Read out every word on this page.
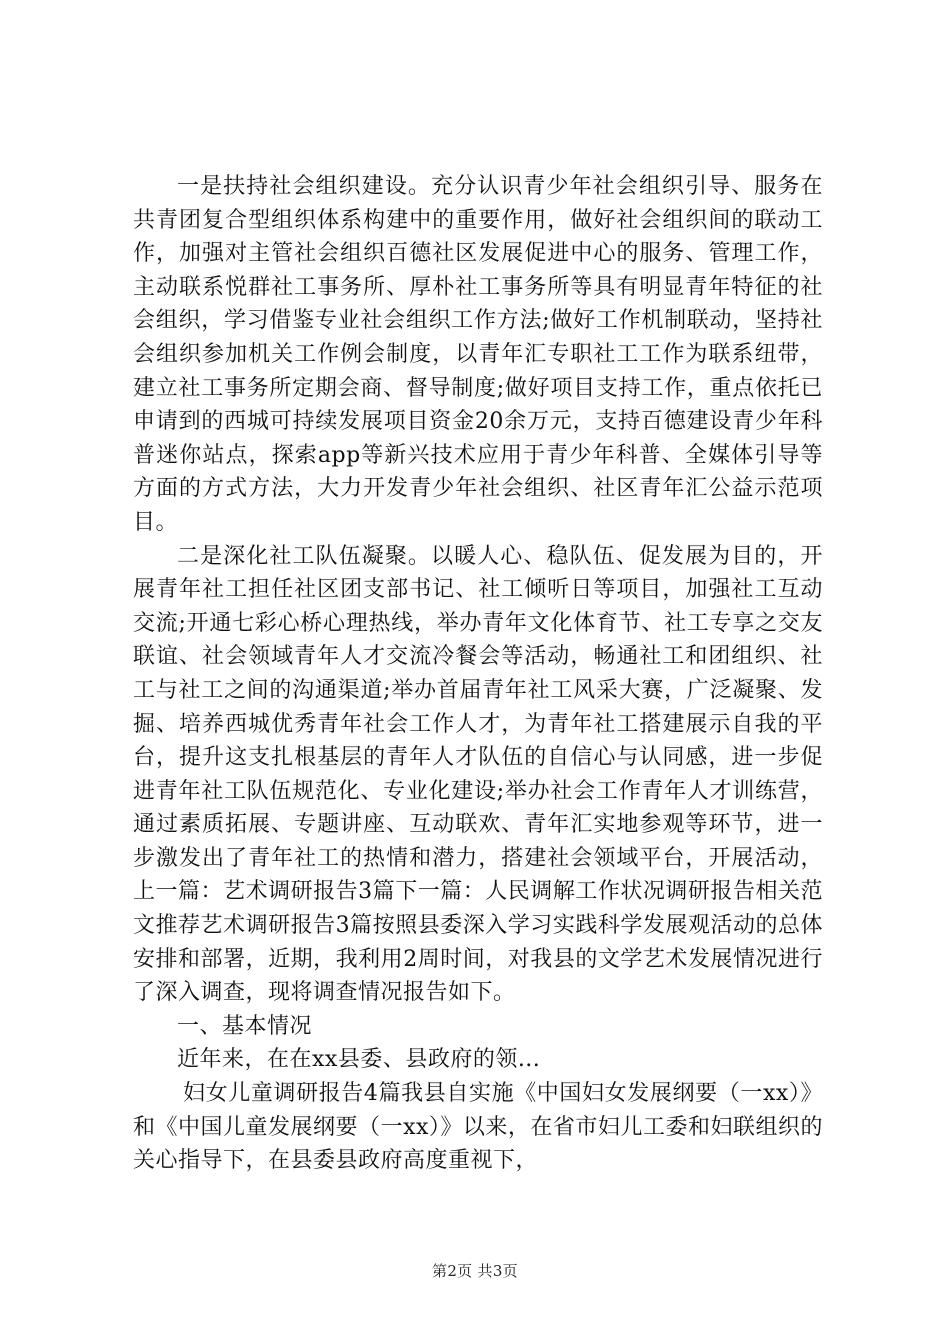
一是扶持社会组织建设。充分认识青少年社会组织引导、服务在共青团复合型组织体系构建中的重要作用，做好社会组织间的联动工作，加强对主管社会组织百德社区发展促进中心的服务、管理工作，主动联系悦群社工事务所、厚朴社工事务所等具有明显青年特征的社会组织，学习借鉴专业社会组织工作方法;做好工作机制联动，坚持社会组织参加机关工作例会制度，以青年汇专职社工工作为联系纽带，建立社工事务所定期会商、督导制度;做好项目支持工作，重点依托已申请到的西城可持续发展项目资金20余万元，支持百德建设青少年科普迷你站点，探索app等新兴技术应用于青少年科普、全媒体引导等方面的方式方法，大力开发青少年社会组织、社区青年汇公益示范项目。

二是深化社工队伍凝聚。以暖人心、稳队伍、促发展为目的，开展青年社工担任社区团支部书记、社工倾听日等项目，加强社工互动交流;开通七彩心桥心理热线，举办青年文化体育节、社工专享之交友联谊、社会领域青年人才交流冷餐会等活动，畅通社工和团组织、社工与社工之间的沟通渠道;举办首届青年社工风采大赛，广泛凝聚、发掘、培养西城优秀青年社会工作人才，为青年社工搭建展示自我的平台，提升这支扎根基层的青年人才队伍的自信心与认同感，进一步促进青年社工队伍规范化、专业化建设;举办社会工作青年人才训练营，通过素质拓展、专题讲座、互动联欢、青年汇实地参观等环节，进一步激发出了青年社工的热情和潜力，搭建社会领域平台，开展活动，上一篇：艺术调研报告3篇下一篇：人民调解工作状况调研报告相关范文推荐艺术调研报告3篇按照县委深入学习实践科学发展观活动的总体安排和部署，近期，我利用2周时间，对我县的文学艺术发展情况进行了深入调查，现将调查情况报告如下。

一、基本情况

近年来，在在xx县委、县政府的领...

妇女儿童调研报告4篇我县自实施《中国妇女发展纲要（一xx）》和《中国儿童发展纲要（一xx）》以来，在省市妇儿工委和妇联组织的关心指导下，在县委县政府高度重视下，

第2页 共3页
